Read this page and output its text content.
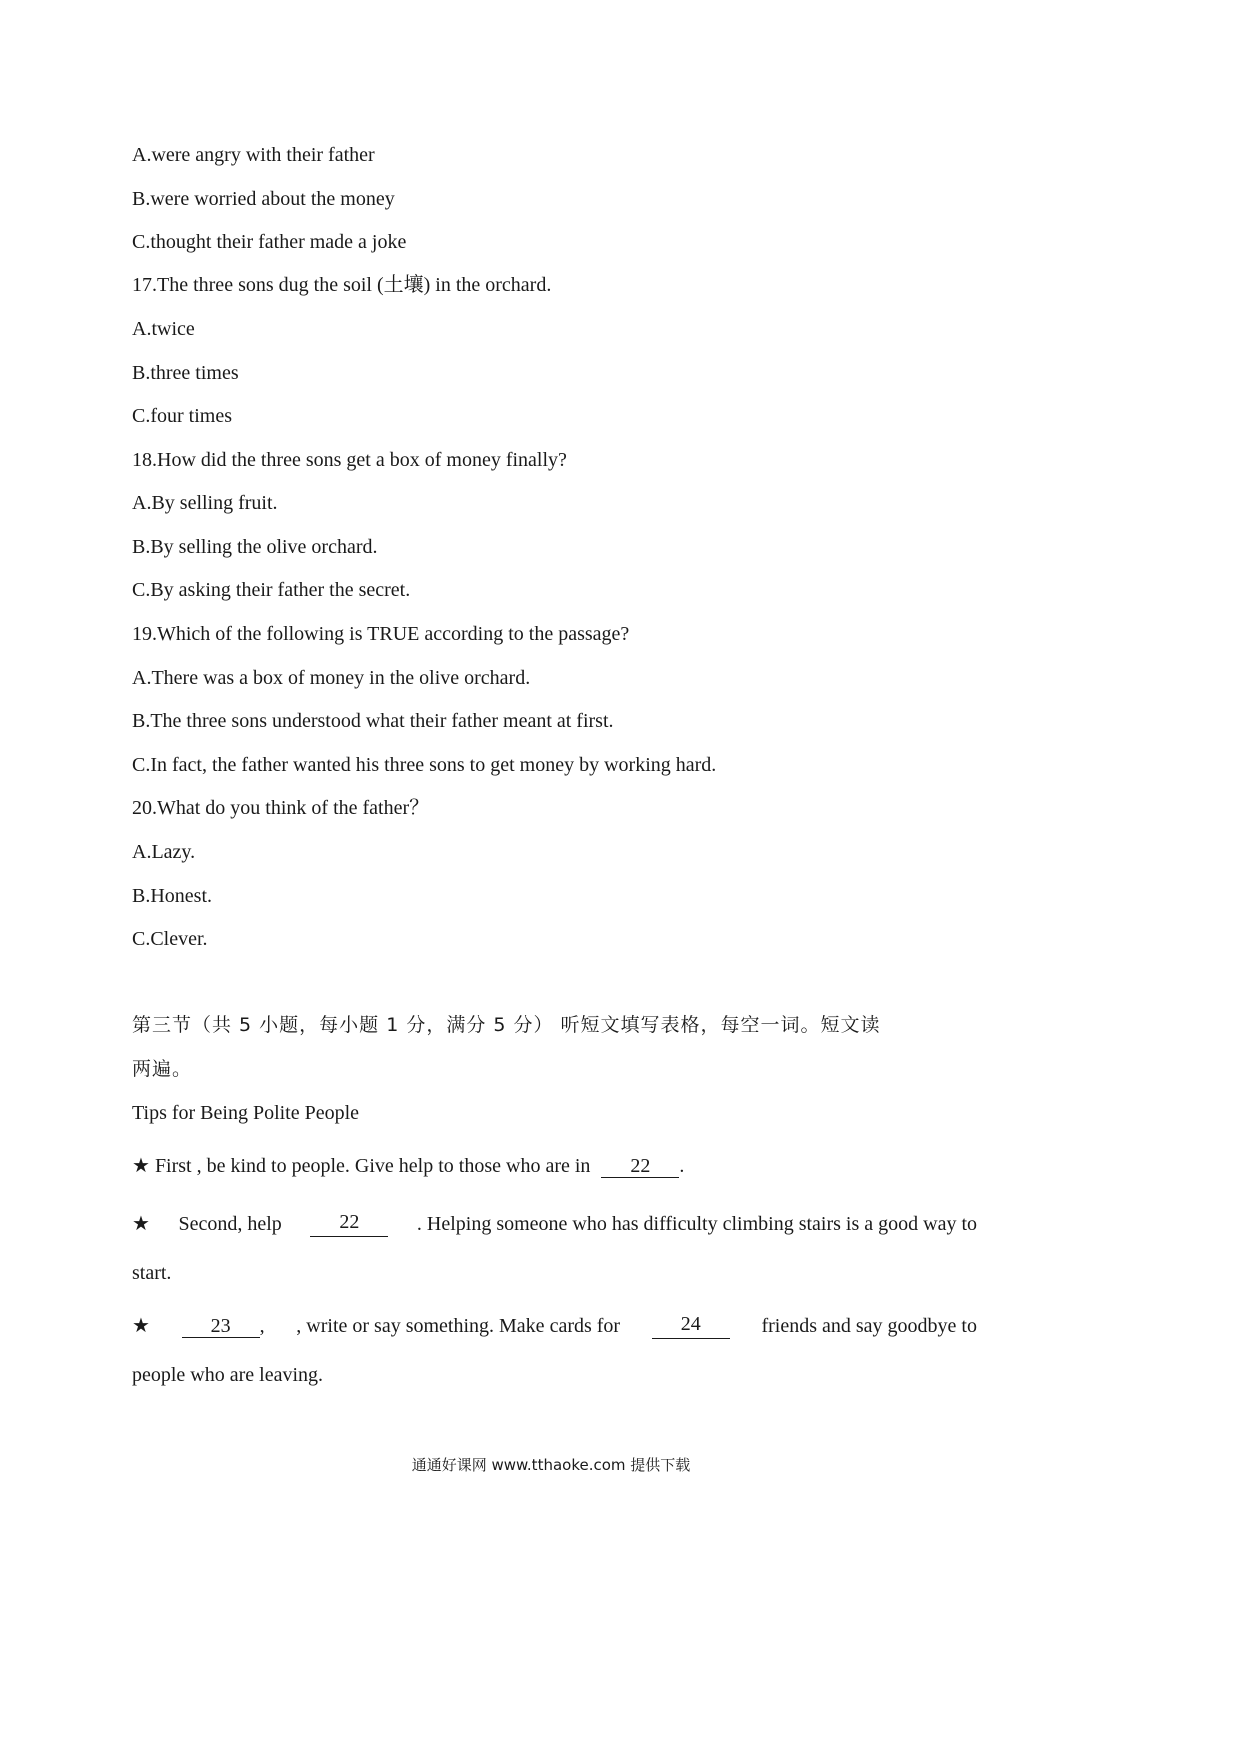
A.were angry with their father
B.were worried about the money
C.thought their father made a joke
17.The three sons dug the soil (土壤) in the orchard.
A.twice
B.three times
C.four times
18.How did the three sons get a box of money finally?
A.By selling fruit.
B.By selling the olive orchard.
C.By asking their father the secret.
19.Which of the following is TRUE according to the passage?
A.There was a box of money in the olive orchard.
B.The three sons understood what their father meant at first.
C.In fact, the father wanted his three sons to get money by working hard.
20.What do you think of the father？
A.Lazy.
B.Honest.
C.Clever.
第三节（共 5 小题，每小题 1 分，满分 5 分） 听短文填写表格，每空一词。短文读
两遍。
Tips for Being Polite People
★ First , be kind to people. Give help to those who are in 22 .
★ Second, help	22	. Helping someone who has difficulty climbing stairs is a good way to
start.
★	23 , , write or say something. Make cards for	24	friends and say goodbye to
people who are leaving.
通通好课网 www.tthaoke.com 提供下载
